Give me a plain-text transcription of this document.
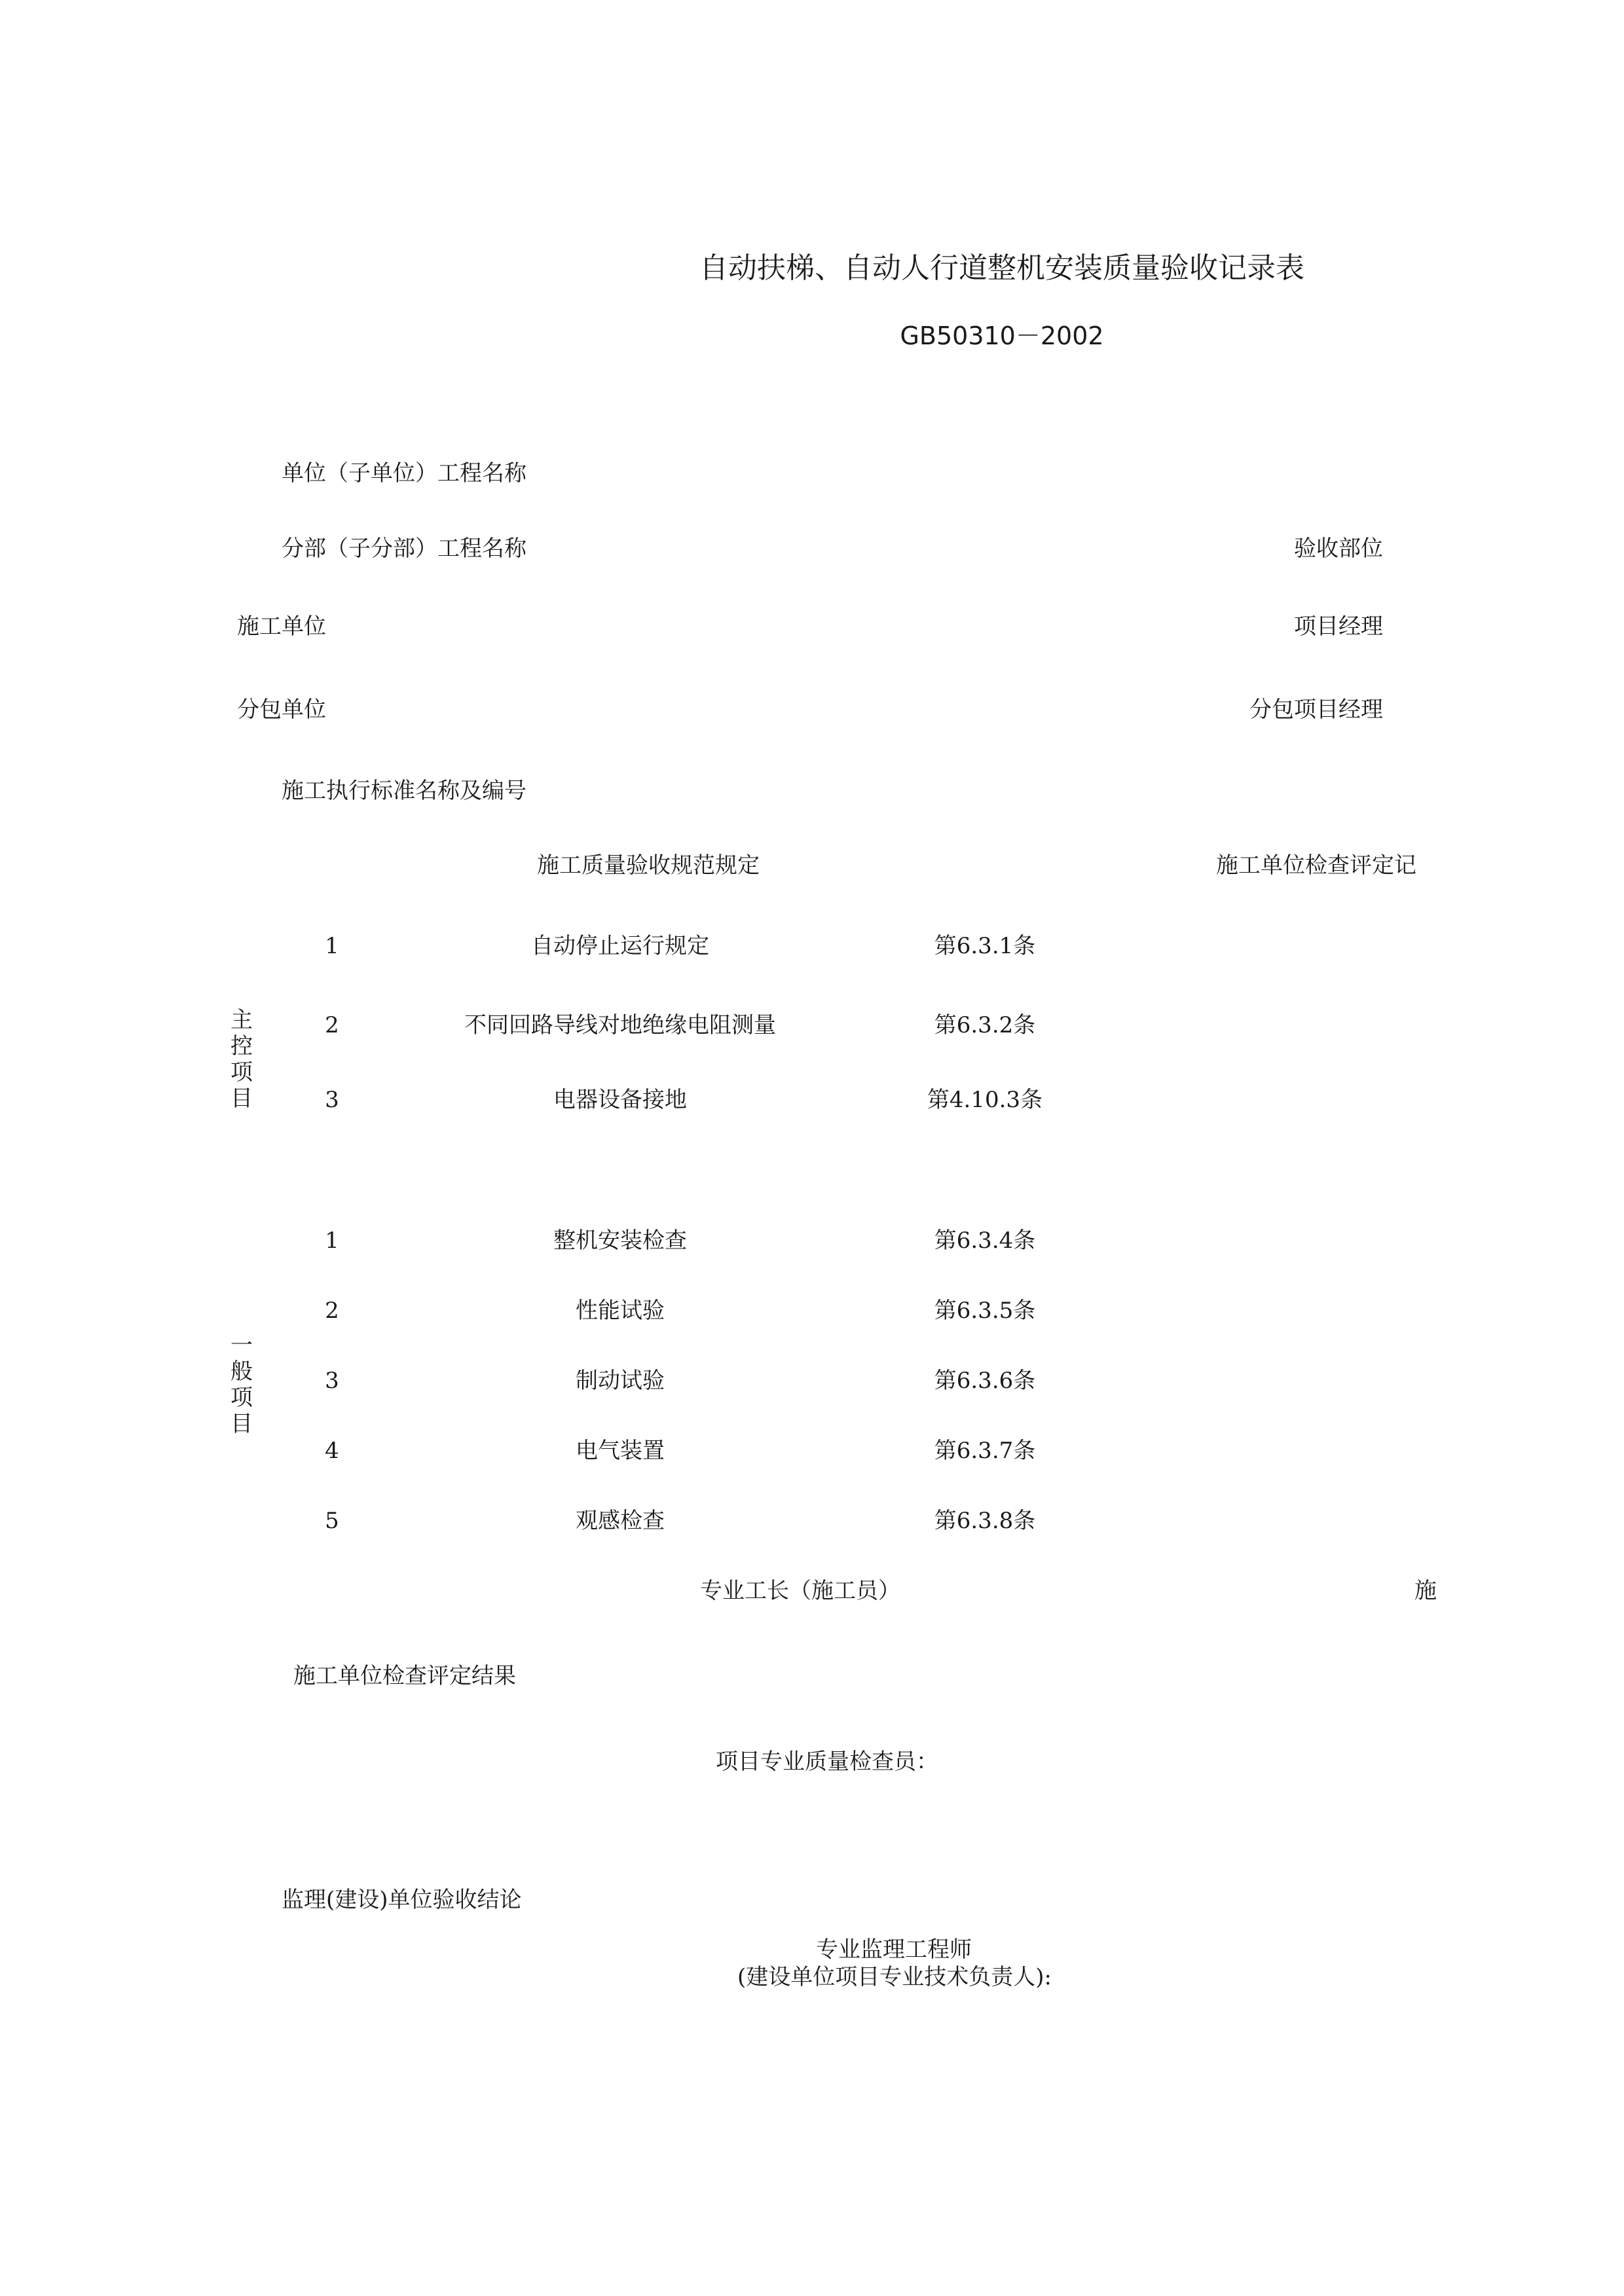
自动扶梯、自动人行道整机安装质量验收记录表
GB50310－2002
单位（子单位）工程名称
分部（子分部）工程名称	验收部位
施工单位	项目经理
分包单位	分包项目经理
施工执行标准名称及编号
施工质量验收规范规定	施工单位检查评定记
主控项目
1	自动停止运行规定	第6.3.1条
2	不同回路导线对地绝缘电阻测量	第6.3.2条
3	电器设备接地	第4.10.3条
一般项目
1	整机安装检查	第6.3.4条
2	性能试验	第6.3.5条
3	制动试验	第6.3.6条
4	电气装置	第6.3.7条
5	观感检查	第6.3.8条
专业工长（施工员）	施
施工单位检查评定结果
项目专业质量检查员：
监理(建设)单位验收结论
专业监理工程师
(建设单位项目专业技术负责人):
